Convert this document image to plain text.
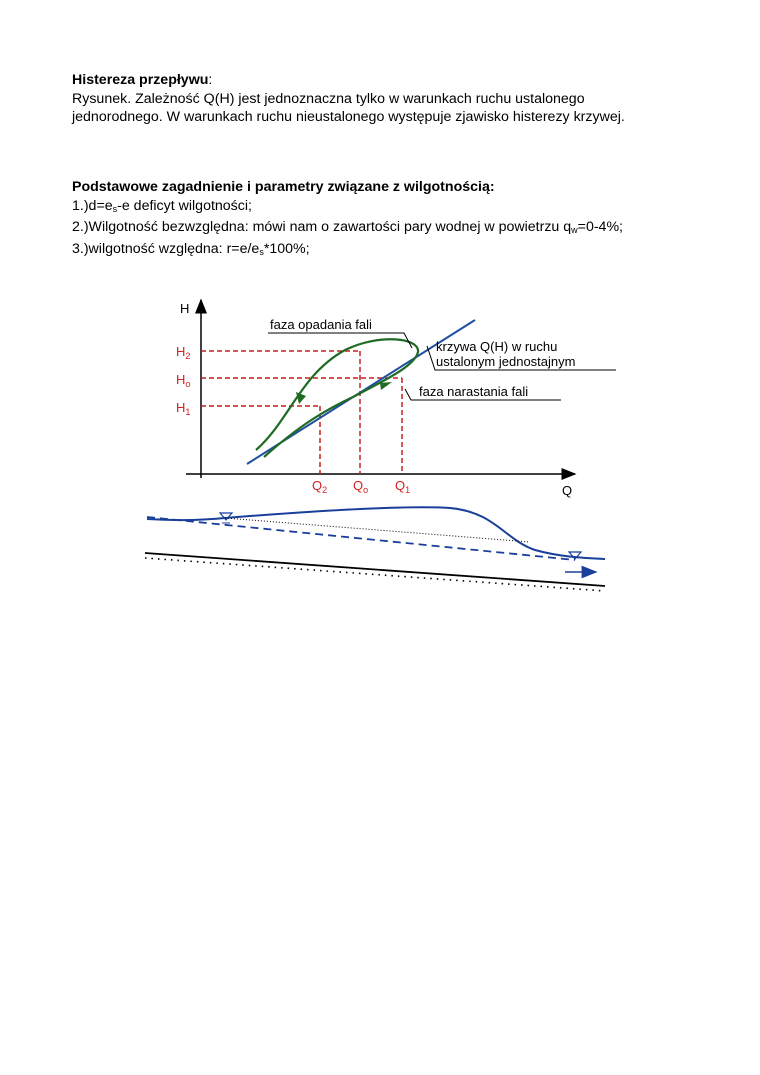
Histereza przepływu:
Rysunek. Zależność Q(H) jest jednoznaczna tylko w warunkach ruchu ustalonego
jednorodnego. W warunkach ruchu nieustalonego występuje zjawisko histerezy krzywej.
Podstawowe zagadnienie i parametry związane z wilgotnością:
$1.)d=e_s-e$ deficyt wilgotności;
2.)Wilgotność bezwzględna: mówi nam o zawartości pary wodnej w powietrzu $q_w=0-4\%$;
3.)wilgotność względna: $r=e/e_s*100\%$;
H
Q
$H_2$
$H_o$
$H_1$
$Q_2$ $Q_o$ $Q_1$
faza opadania fali
krzywa Q(H) w ruchu
ustalonym jednostajnym
faza narastania fali
